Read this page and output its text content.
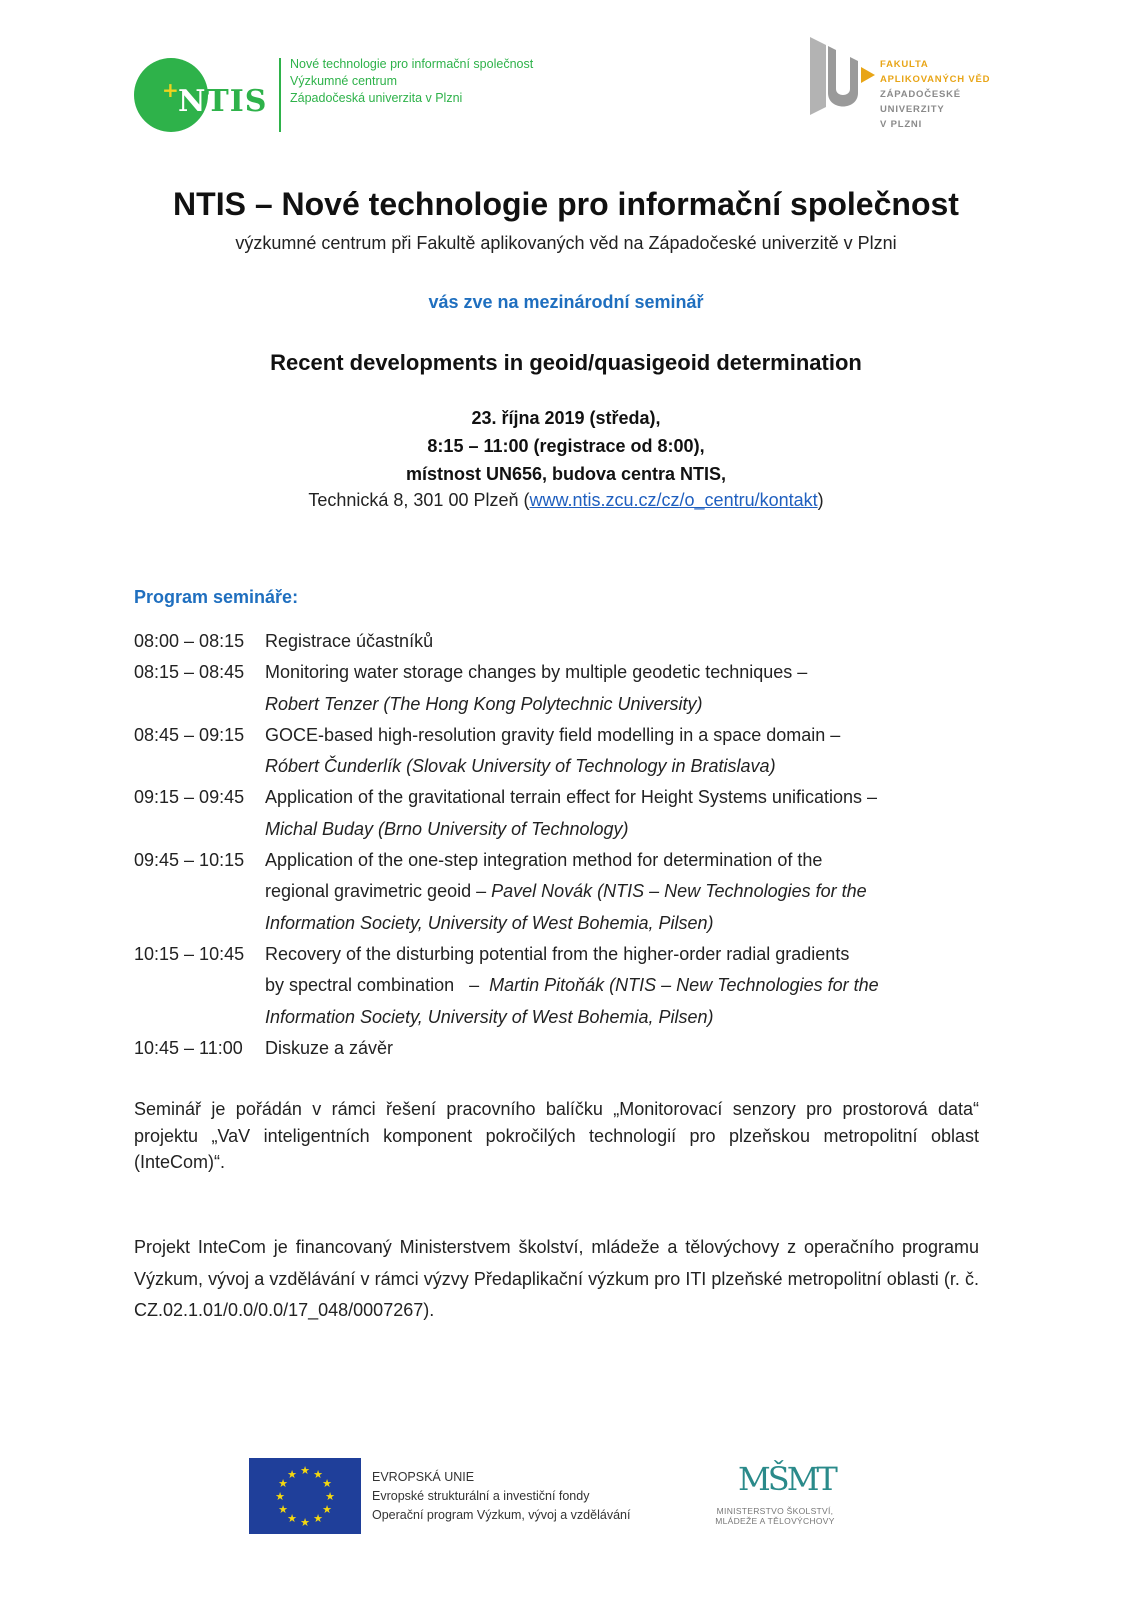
+ NTIS
Nové technologie pro informační společnost
Výzkumné centrum
Západočeská univerzita v Plzni
FAKULTA
APLIKOVANÝCH VĚD
ZÁPADOČESKÉ
UNIVERZITY
V PLZNI
NTIS – Nové technologie pro informační společnost
výzkumné centrum při Fakultě aplikovaných věd na Západočeské univerzitě v Plzni
vás zve na mezinárodní seminář
Recent developments in geoid/quasigeoid determination
23. října 2019 (středa),
8:15 – 11:00 (registrace od 8:00),
místnost UN656, budova centra NTIS,
Technická 8, 301 00 Plzeň (www.ntis.zcu.cz/cz/o_centru/kontakt)
Program semináře:
08:00 – 08:15	Registrace účastníků
08:15 – 08:45	Monitoring water storage changes by multiple geodetic techniques –
Robert Tenzer (The Hong Kong Polytechnic University)
08:45 – 09:15	GOCE-based high-resolution gravity field modelling in a space domain –
Róbert Čunderlík (Slovak University of Technology in Bratislava)
09:15 – 09:45	Application of the gravitational terrain effect for Height Systems unifications –
Michal Buday (Brno University of Technology)
09:45 – 10:15	Application of the one-step integration method for determination of the
regional gravimetric geoid – Pavel Novák (NTIS – New Technologies for the
Information Society, University of West Bohemia, Pilsen)
10:15 – 10:45	Recovery of the disturbing potential from the higher-order radial gradients
by spectral combination   –  Martin Pitoňák (NTIS – New Technologies for the
Information Society, University of West Bohemia, Pilsen)
10:45 – 11:00	Diskuze a závěr
Seminář je pořádán v rámci řešení pracovního balíčku „Monitorovací senzory pro prostorová data“ projektu „VaV inteligentních komponent pokročilých technologií pro plzeňskou metropolitní oblast (InteCom)“.
Projekt InteCom je financovaný Ministerstvem školství, mládeže a tělovýchovy z operačního programu Výzkum, vývoj a vzdělávání v rámci výzvy Předaplikační výzkum pro ITI plzeňské metropolitní oblasti (r. č. CZ.02.1.01/0.0/0.0/17_048/0007267).
★ ★
★
★
★
★
★
★
★
★
★
★	EVROPSKÁ UNIE
Evropské strukturální a investiční fondy
Operační program Výzkum, vývoj a vzdělávání
MŠMT
MINISTERSTVO ŠKOLSTVÍ,
MLÁDEŽE A TĚLOVÝCHOVY
